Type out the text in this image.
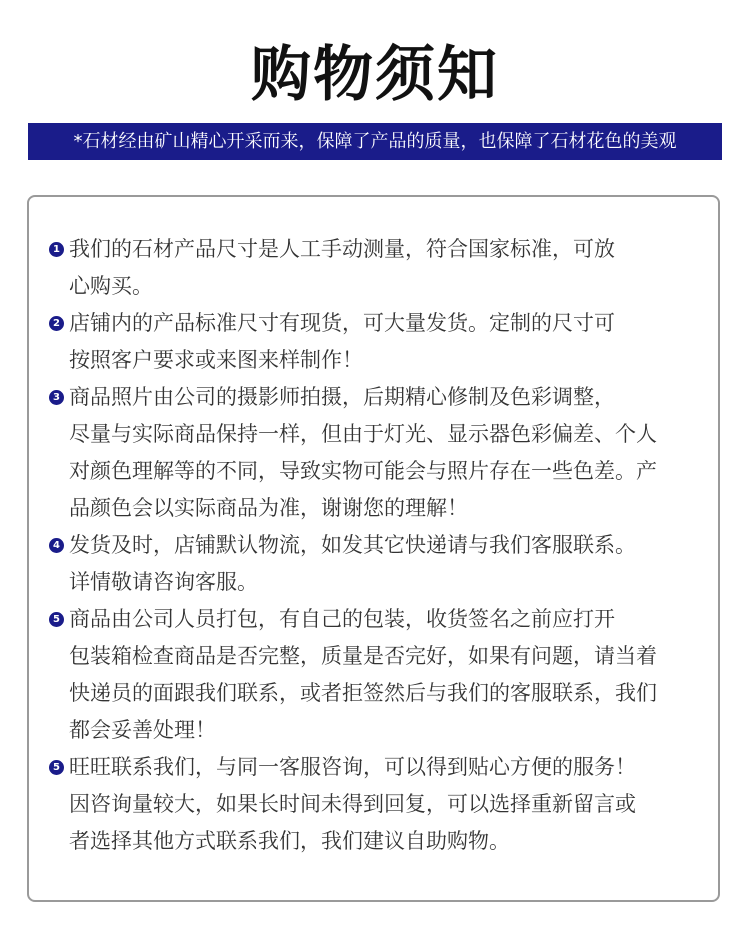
购物须知
*石材经由矿山精心开采而来，保障了产品的质量，也保障了石材花色的美观
1 我们的石材产品尺寸是人工手动测量，符合国家标准，可放
心购买。
2 店铺内的产品标准尺寸有现货，可大量发货。定制的尺寸可
按照客户要求或来图来样制作！
3 商品照片由公司的摄影师拍摄，后期精心修制及色彩调整，
尽量与实际商品保持一样，但由于灯光、显示器色彩偏差、个人
对颜色理解等的不同，导致实物可能会与照片存在一些色差。产
品颜色会以实际商品为准，谢谢您的理解！
4 发货及时，店铺默认物流，如发其它快递请与我们客服联系。
详情敬请咨询客服。
5 商品由公司人员打包，有自己的包装，收货签名之前应打开
包装箱检查商品是否完整，质量是否完好，如果有问题，请当着
快递员的面跟我们联系，或者拒签然后与我们的客服联系，我们
都会妥善处理！
5 旺旺联系我们，与同一客服咨询，可以得到贴心方便的服务！
因咨询量较大，如果长时间未得到回复，可以选择重新留言或
者选择其他方式联系我们，我们建议自助购物。
